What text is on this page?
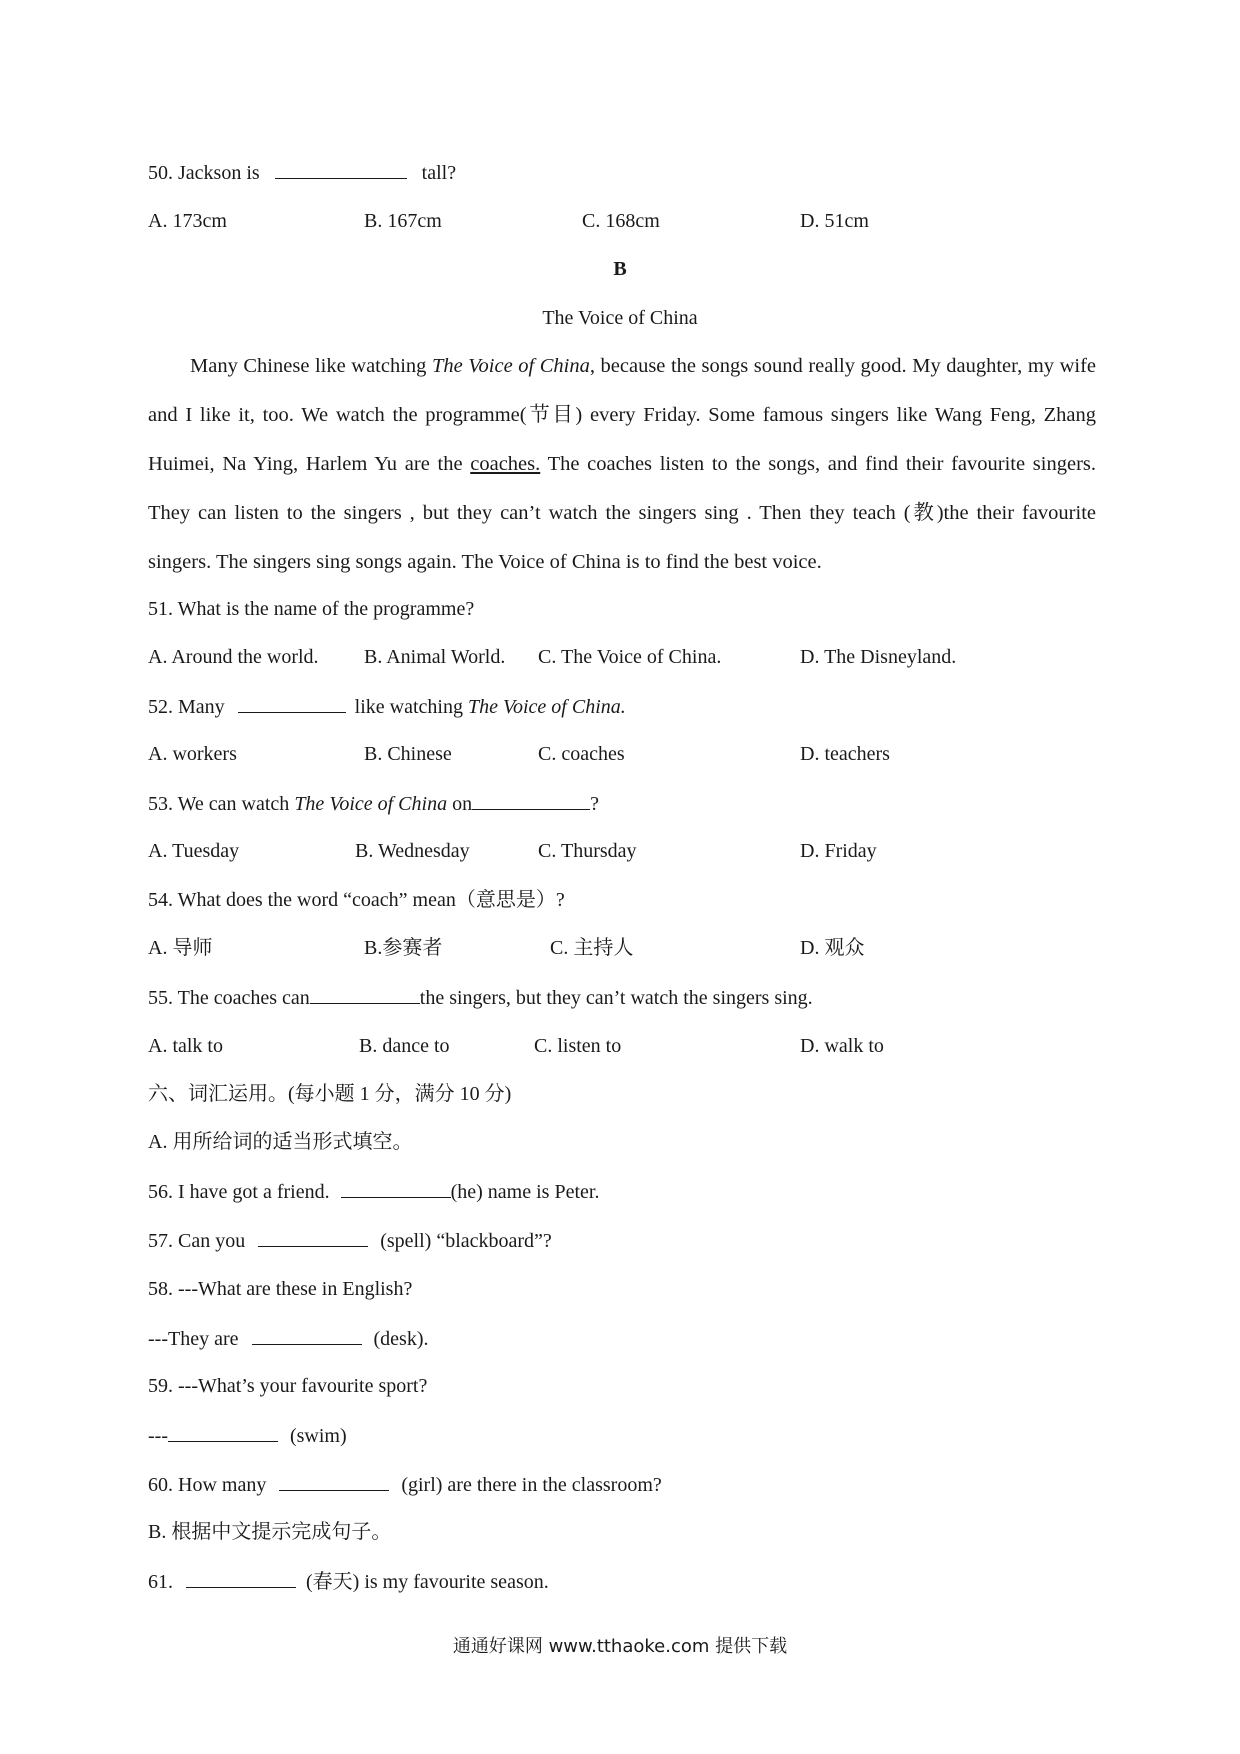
50. Jackson is	tall?
A. 173cm	B. 167cm	C. 168cm	D. 51cm
B
The Voice of China
Many Chinese like watching The Voice of China, because the songs sound really good. My daughter, my wife and I like it, too. We watch the programme(节目) every Friday. Some famous singers like Wang Feng, Zhang Huimei, Na Ying, Harlem Yu are the coaches. The coaches listen to the songs, and find their favourite singers. They can listen to the singers , but they can’t watch the singers sing . Then they teach (教)the their favourite singers. The singers sing songs again. The Voice of China is to find the best voice.
51. What is the name of the programme?
A. Around the world. B. Animal World. C. The Voice of China.	D. The Disneyland.
52. Many	like watching The Voice of China.
A. workers	B. Chinese	C. coaches	D. teachers
53. We can watch The Voice of China on	?
A. Tuesday	B. Wednesday	C. Thursday	D. Friday
54. What does the word “coach” mean（意思是）?
A. 导师	B.参赛者	C. 主持人	D. 观众
55. The coaches can	the singers, but they can’t watch the singers sing.
A. talk to	B. dance to	C. listen to	D. walk to
六、词汇运用。(每小题 1 分，满分 10 分)
A. 用所给词的适当形式填空。
56. I have got a friend.	(he) name is Peter.
57. Can you	(spell) “blackboard”?
58. ---What are these in English?
---They are	(desk).
59. ---What’s your favourite sport?
---	(swim)
60. How many	(girl) are there in the classroom?
B. 根据中文提示完成句子。
61.	(春天) is my favourite season.
通通好课网 www.tthaoke.com 提供下载
